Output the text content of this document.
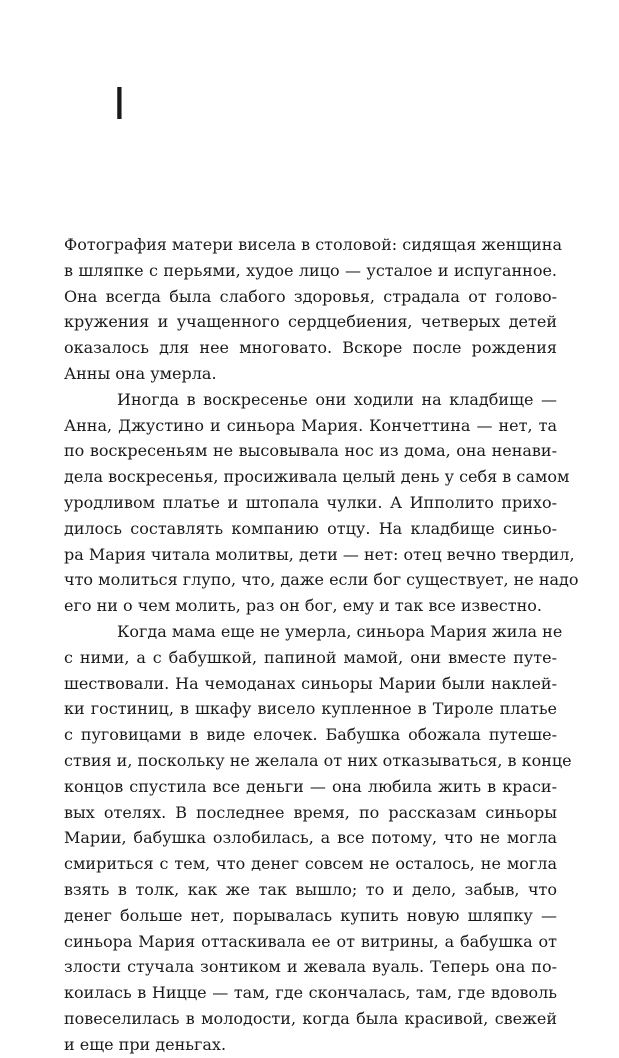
I
Фотография матери висела в столовой: сидящая женщина
в шляпке с перьями, худое лицо — усталое и испуганное.
Она всегда была слабого здоровья, страдала от голово-
кружения и учащенного сердцебиения, четверых детей
оказалось для нее многовато. Вскоре после рождения
Анны она умерла.
Иногда в воскресенье они ходили на кладбище —
Анна, Джустино и синьора Мария. Кончеттина — нет, та
по воскресеньям не высовывала нос из дома, она ненави-
дела воскресенья, просиживала целый день у себя в самом
уродливом платье и штопала чулки. А Ипполито прихо-
дилось составлять компанию отцу. На кладбище синьо-
ра Мария читала молитвы, дети — нет: отец вечно твердил,
что молиться глупо, что, даже если бог существует, не надо
его ни о чем молить, раз он бог, ему и так все известно.
Когда мама еще не умерла, синьора Мария жила не
с ними, а с бабушкой, папиной мамой, они вместе путе-
шествовали. На чемоданах синьоры Марии были наклей-
ки гостиниц, в шкафу висело купленное в Тироле платье
с пуговицами в виде елочек. Бабушка обожала путеше-
ствия и, поскольку не желала от них отказываться, в конце
концов спустила все деньги — она любила жить в краси-
вых отелях. В последнее время, по рассказам синьоры
Марии, бабушка озлобилась, а все потому, что не могла
смириться с тем, что денег совсем не осталось, не могла
взять в толк, как же так вышло; то и дело, забыв, что
денег больше нет, порывалась купить новую шляпку —
синьора Мария оттаскивала ее от витрины, а бабушка от
злости стучала зонтиком и жевала вуаль. Теперь она по-
коилась в Ницце — там, где скончалась, там, где вдоволь
повеселилась в молодости, когда была красивой, свежей
и еще при деньгах.
